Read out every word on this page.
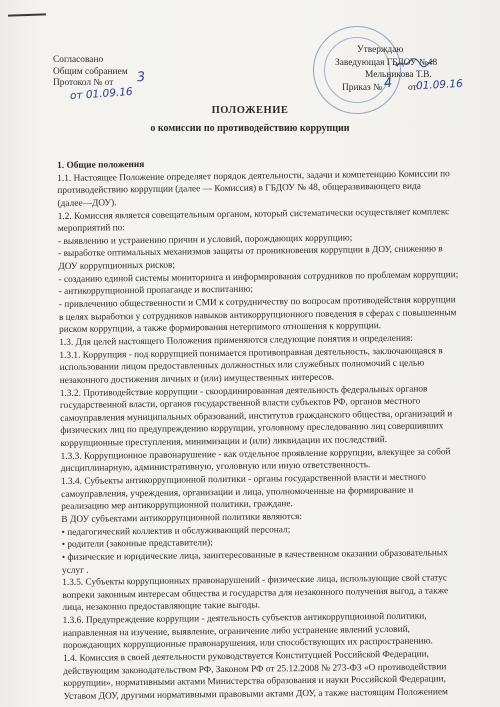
Согласовано
Общим собранием
Протокол № от	3
от 01.09.16
Утверждаю
Заведующая ГБДОУ №48
Мельникова Т.В.
Приказ №	от
4 01.09.16
ПОЛОЖЕНИЕ
о комиссии по противодействию коррупции
1. Общие положения
1.1. Настоящее Положение определяет порядок деятельности, задачи и компетенцию Комиссии по
противодействию коррупции (далее — Комиссия) в ГБДОУ № 48, общеразвивающего вида
(далее—ДОУ).
1.2. Комиссия является совещательным органом, который систематически осуществляет комплекс
мероприятий по:
- выявлению и устранению причин и условий, порождающих коррупцию;
- выработке оптимальных механизмов защиты от проникновения коррупции в ДОУ, снижению в
ДОУ коррупционных рисков;
- созданию единой системы мониторинга и информирования сотрудников по проблемам коррупции;
- антикоррупционной пропаганде и воспитанию;
- привлечению общественности и СМИ к сотрудничеству по вопросам противодействия коррупции
в целях выработки у сотрудников навыков антикоррупционного поведения в сферах с повышенным
риском коррупции, а также формирования нетерпимого отношения к коррупции.
1.3. Для целей настоящего Положения применяются следующие понятия и определения:
1.3.1. Коррупция - под коррупцией понимается противоправная деятельность, заключающаяся в
использовании лицом предоставленных должностных или служебных полномочий с целью
незаконного достижения личных и (или) имущественных интересов.
1.3.2. Противодействие коррупции - скоординированная деятельность федеральных органов
государственной власти, органов государственной власти субъектов РФ, органов местного
самоуправления муниципальных образований, институтов гражданского общества, организаций и
физических лиц по предупреждению коррупции, уголовному преследованию лиц совершивших
коррупционные преступления, минимизации и (или) ликвидации их последствий.
1.3.3. Коррупционное правонарушение - как отдельное проявление коррупции, влекущее за собой
дисциплинарную, административную, уголовную или иную ответственность.
1.3.4. Субъекты антикоррупционной политики - органы государственной власти и местного
самоуправления, учреждения, организации и лица, уполномоченные на формирование и
реализацию мер антикоррупционной политики, граждане.
В ДОУ субъектами антикоррупционной политики являются:
• педагогический коллектив и обслуживающий персонал;
• родители (законные представители);
• физические и юридические лица, заинтересованные в качественном оказании образовательных
услуг .
1.3.5. Субъекты коррупционных правонарушений - физические лица, использующие свой статус
вопреки законным интересам общества и государства для незаконного получения выгод, а также
лица, незаконно предоставляющие такие выгоды.
1.3.6. Предупреждение коррупции - деятельность субъектов антикоррупционной политики,
направленная на изучение, выявление, ограничение либо устранение явлений условий,
порождающих коррупционные правонарушения, или способствующих их распространению.
1.4. Комиссия в своей деятельности руководствуется Конституцией Российской Федерации,
действующим законодательством РФ, Законом РФ от 25.12.2008 № 273-ФЗ «О противодействии
коррупции», нормативными актами Министерства образования и науки Российской Федерации,
Уставом ДОУ, другими нормативными правовыми актами ДОУ, а также настоящим Положением
